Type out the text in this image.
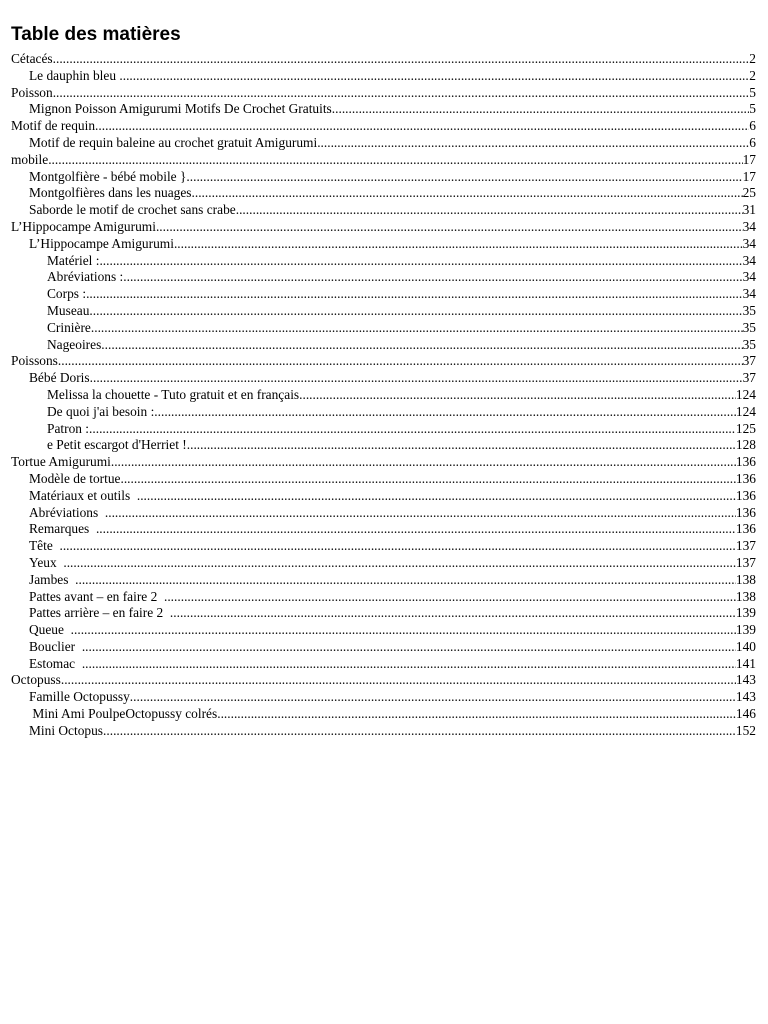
Table des matières
Cétacés .....	2
Le dauphin bleu .....	2
Poisson .....	5
Mignon Poisson Amigurumi Motifs De Crochet Gratuits .....	5
Motif de requin .....	6
Motif de requin baleine au crochet gratuit Amigurumi .....	6
mobile .....	17
Montgolfière - bébé mobile } .....	17
Montgolfières dans les nuages .....	25
Saborde le motif de crochet sans crabe .....	31
L’Hippocampe Amigurumi .....	34
L’Hippocampe Amigurumi .....	34
Matériel : .....	34
Abréviations : .....	34
Corps : .....	34
Museau .....	35
Crinière .....	35
Nageoires .....	35
Poissons .....	37
Bébé Doris .....	37
Melissa la chouette - Tuto gratuit et en français .....	124
De quoi j'ai besoin : .....	124
Patron : .....	125
e Petit escargot d'Herriet ! .....	128
Tortue Amigurumi .....	136
Modèle de tortue .....	136
Matériaux et outils .....	136
Abréviations .....	136
Remarques .....	136
Tête .....	137
Yeux .....	137
Jambes .....	138
Pattes avant – en faire 2 .....	138
Pattes arrière – en faire 2 .....	139
Queue .....	139
Bouclier .....	140
Estomac .....	141
Octopuss .....	143
Famille Octopussy .....	143
Mini Ami PoulpeOctopussy colrés .....	146
Mini Octopus .....	152
